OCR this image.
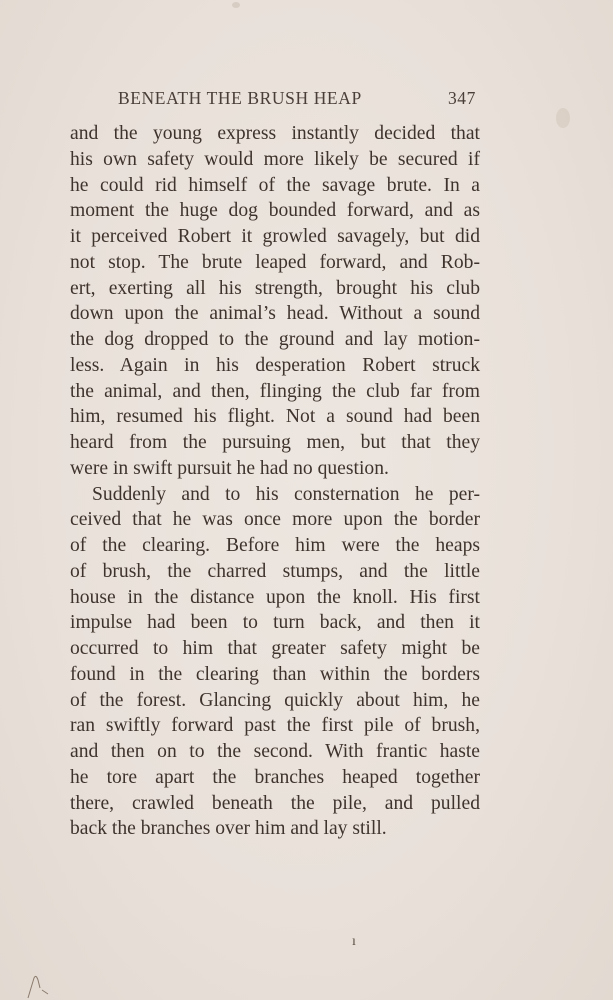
BENEATH THE BRUSH HEAP	347
and the young express instantly decided that
his own safety would more likely be secured if
he could rid himself of the savage brute. In a
moment the huge dog bounded forward, and as
it perceived Robert it growled savagely, but did
not stop. The brute leaped forward, and Rob-
ert, exerting all his strength, brought his club
down upon the animal’s head. Without a sound
the dog dropped to the ground and lay motion-
less. Again in his desperation Robert struck
the animal, and then, flinging the club far from
him, resumed his flight. Not a sound had been
heard from the pursuing men, but that they
were in swift pursuit he had no question.
Suddenly and to his consternation he per-
ceived that he was once more upon the border
of the clearing. Before him were the heaps
of brush, the charred stumps, and the little
house in the distance upon the knoll. His first
impulse had been to turn back, and then it
occurred to him that greater safety might be
found in the clearing than within the borders
of the forest. Glancing quickly about him, he
ran swiftly forward past the first pile of brush,
and then on to the second. With frantic haste
he tore apart the branches heaped together
there, crawled beneath the pile, and pulled
back the branches over him and lay still.
ı
